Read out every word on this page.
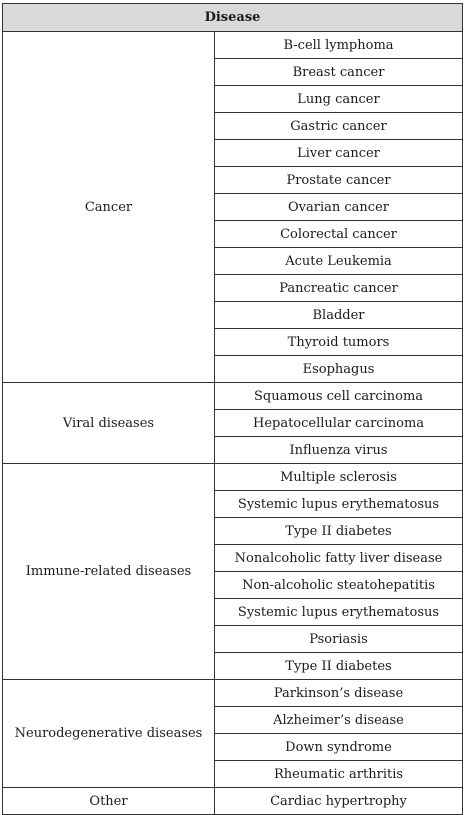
Disease	
Cancer	B-cell lymphoma
	Breast cancer
	Lung cancer
	Gastric cancer
	Liver cancer
	Prostate cancer
	Ovarian cancer
	Colorectal cancer
	Acute Leukemia
	Pancreatic cancer
	Bladder
	Thyroid tumors
	Esophagus
Viral diseases	Squamous cell carcinoma
	Hepatocellular carcinoma
	Influenza virus
Immune-related diseases	Multiple sclerosis
	Systemic lupus erythematosus
	Type II diabetes
	Nonalcoholic fatty liver disease
	Non-alcoholic steatohepatitis
	Systemic lupus erythematosus
	Psoriasis
	Type II diabetes
Neurodegenerative diseases	Parkinson’s disease
	Alzheimer’s disease
	Down syndrome
	Rheumatic arthritis
Other	Cardiac hypertrophy
